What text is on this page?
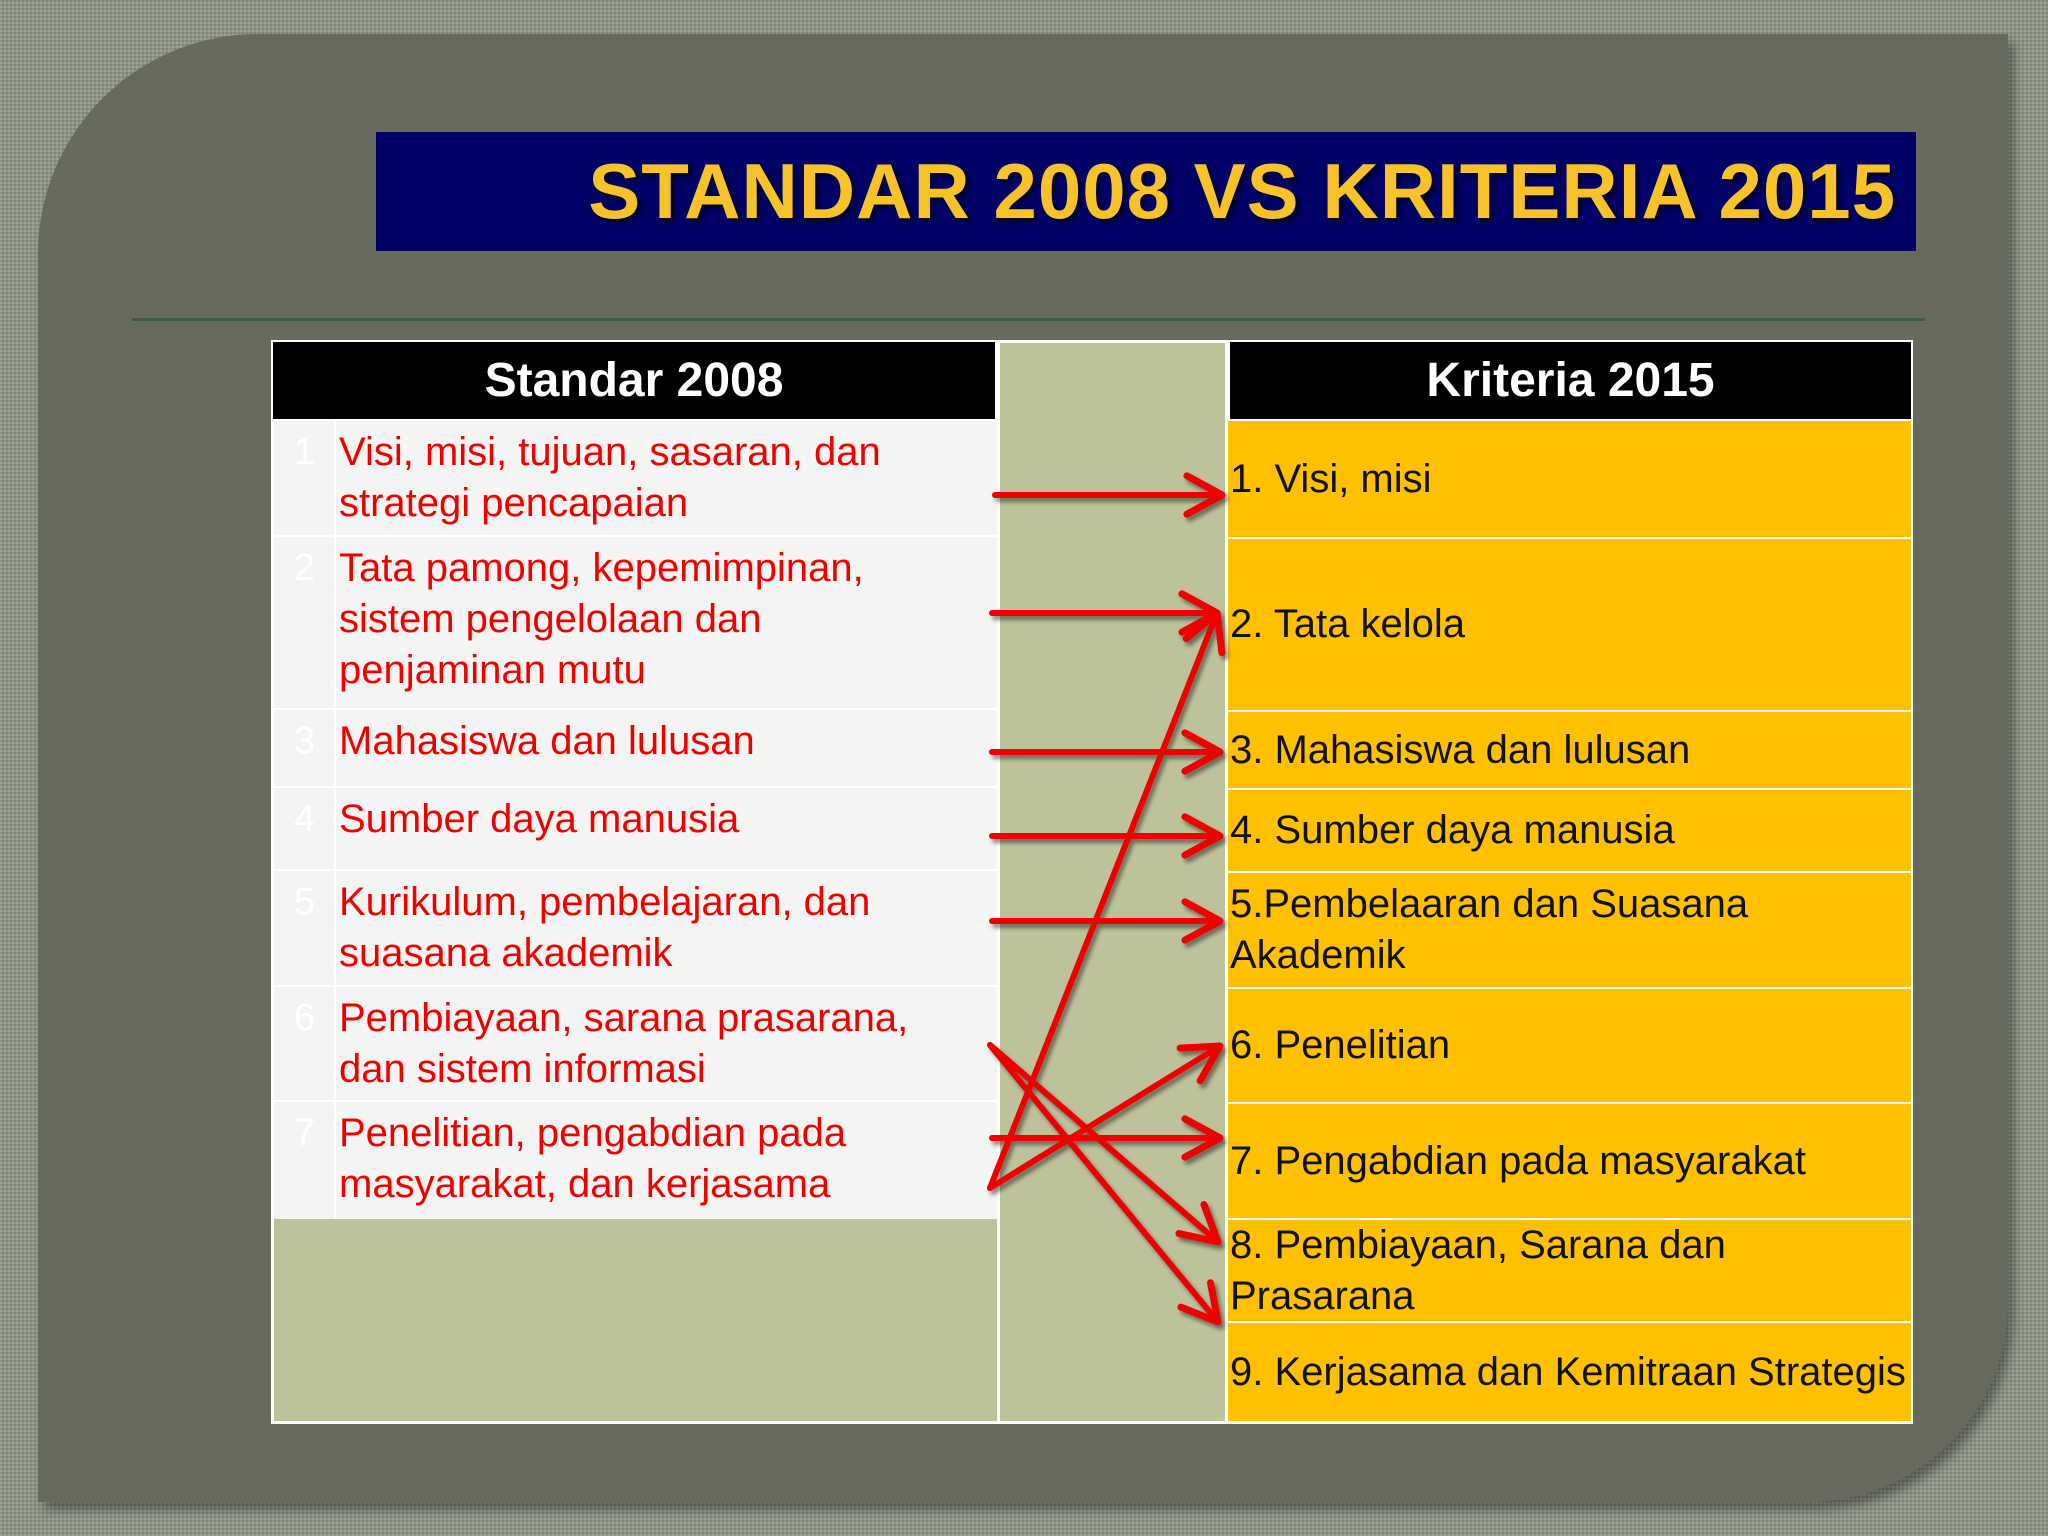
STANDAR 2008 VS KRITERIA 2015
Standar 2008	Kriteria 2015
1 Visi, misi, tujuan, sasaran, dan strategi pencapaian
2 Tata pamong, kepemimpinan, sistem pengelolaan dan penjaminan mutu
3 Mahasiswa dan lulusan
4 Sumber daya manusia
5 Kurikulum, pembelajaran, dan suasana akademik
6 Pembiayaan, sarana prasarana, dan sistem informasi
7 Penelitian, pengabdian pada masyarakat, dan kerjasama
1. Visi, misi
2. Tata kelola
3. Mahasiswa dan lulusan
4. Sumber daya manusia
5.Pembelaaran dan Suasana Akademik
6. Penelitian
7. Pengabdian pada masyarakat
8. Pembiayaan, Sarana dan Prasarana
9. Kerjasama dan Kemitraan Strategis
